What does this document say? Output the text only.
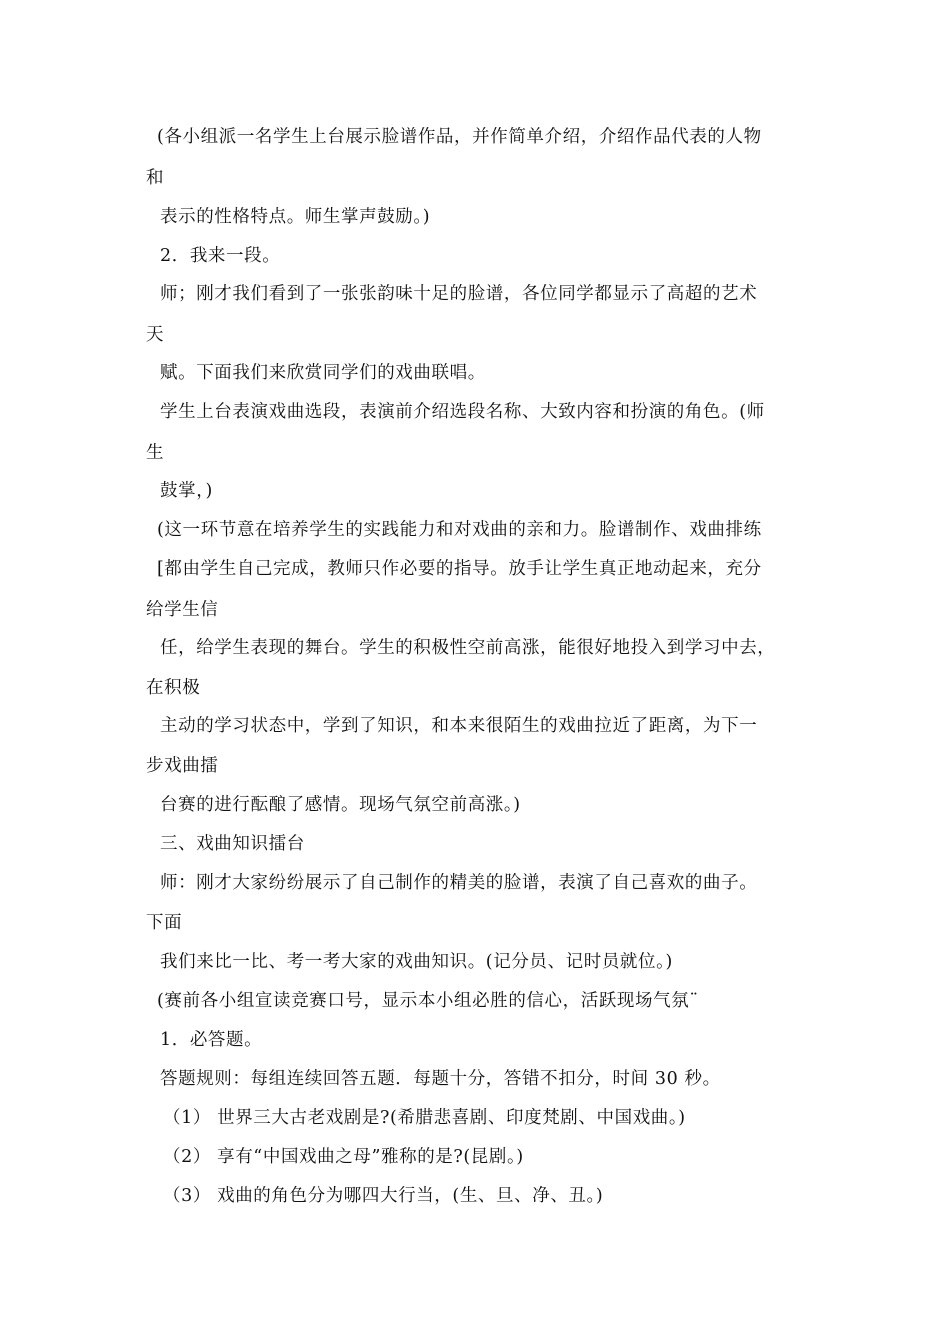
(各小组派一名学生上台展示脸谱作品，并作简单介绍，介绍作品代表的人物
和
表示的性格特点。师生掌声鼓励。)
2．我来一段。
师；刚才我们看到了一张张韵味十足的脸谱，各位同学都显示了高超的艺术
天
赋。下面我们来欣赏同学们的戏曲联唱。
学生上台表演戏曲选段，表演前介绍选段名称、大致内容和扮演的角色。(师
生
鼓掌，)
(这一环节意在培养学生的实践能力和对戏曲的亲和力。脸谱制作、戏曲排练
[都由学生自己完成，教师只作必要的指导。放手让学生真正地动起来，充分
给学生信
任，给学生表现的舞台。学生的积极性空前高涨，能很好地投入到学习中去，
在积极
主动的学习状态中，学到了知识，和本来很陌生的戏曲拉近了距离，为下一
步戏曲擂
台赛的进行酝酿了感情。现场气氛空前高涨。)
三、戏曲知识擂台
师：刚才大家纷纷展示了自己制作的精美的脸谱，表演了自己喜欢的曲子。
下面
我们来比一比、考一考大家的戏曲知识。(记分员、记时员就位。)
(赛前各小组宣读竞赛口号，显示本小组必胜的信心，活跃现场气氛¨
1．必答题。
答题规则：每组连续回答五题．每题十分，答错不扣分，时间 30 秒。
（1） 世界三大古老戏剧是?(希腊悲喜剧、印度梵剧、中国戏曲。)
（2） 享有“中国戏曲之母”雅称的是?(昆剧。)
（3） 戏曲的角色分为哪四大行当，(生、旦、净、丑。)
